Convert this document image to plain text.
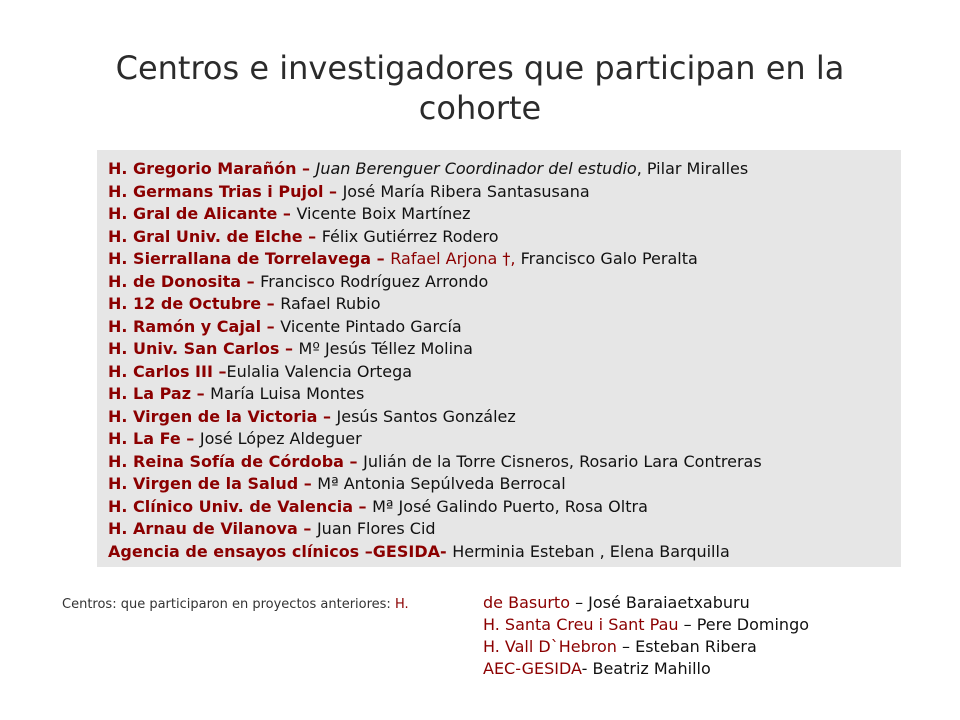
Centros e investigadores que participan en la cohorte
H. Gregorio Marañón – Juan Berenguer Coordinador del estudio, Pilar Miralles
H. Germans Trias i Pujol – José María Ribera Santasusana
H. Gral de Alicante – Vicente Boix Martínez
H. Gral Univ. de Elche – Félix Gutiérrez Rodero
H. Sierrallana de Torrelavega – Rafael Arjona †, Francisco Galo Peralta
H. de Donosita – Francisco Rodríguez Arrondo
H. 12 de Octubre – Rafael Rubio
H. Ramón y Cajal – Vicente Pintado García
H. Univ. San Carlos – Mº Jesús Téllez Molina
H. Carlos III –Eulalia Valencia Ortega
H. La Paz – María Luisa Montes
H. Virgen de la Victoria – Jesús Santos González
H. La Fe – José López Aldeguer
H. Reina Sofía de Córdoba – Julián de la Torre Cisneros, Rosario Lara Contreras
H. Virgen de la Salud – Mª Antonia Sepúlveda Berrocal
H. Clínico Univ. de Valencia – Mª José Galindo Puerto, Rosa Oltra
H. Arnau de Vilanova – Juan Flores Cid
Agencia de ensayos clínicos –GESIDA- Herminia Esteban , Elena Barquilla
Centros: que participaron en proyectos anteriores: H.	de Basurto – José Baraiaetxaburu
H. Santa Creu i Sant Pau – Pere Domingo
H. Vall D`Hebron – Esteban Ribera
AEC-GESIDA- Beatriz Mahillo
